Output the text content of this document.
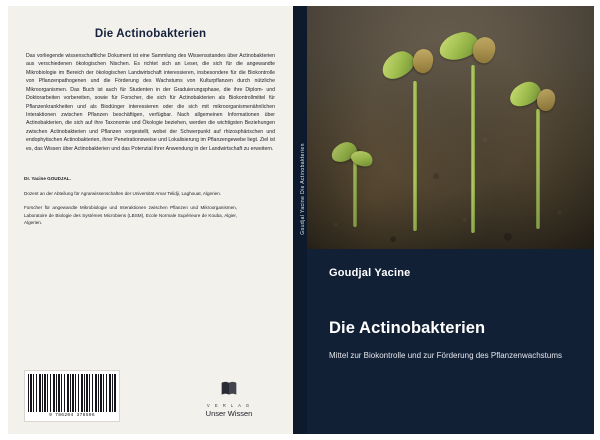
Die Actinobakterien
Das vorliegende wissenschaftliche Dokument ist eine Sammlung des Wissensstandes über Actinobakterien aus verschiedenen ökologischen Nischen. Es richtet sich an Leser, die sich für die angewandte Mikrobiologie im Bereich der ökologischen Landwirtschaft interessieren, insbesondere für die Biokontrolle von Pflanzenpathogenen und die Förderung des Wachstums von Kulturpflanzen durch nützliche Mikroorganismen. Das Buch ist auch für Studenten in der Graduierungsphase, die ihre Diplom- und Doktorarbeiten vorbereiten, sowie für Forscher, die sich für Actinobakterien als Biokontrollmittel für Pflanzenkrankheiten und als Biodünger interessieren oder die sich mit mikroorganismenähnlichen Interaktionen zwischen Pflanzen beschäftigen, verfügbar. Nach allgemeinen Informationen über Actinobakterien, die sich auf ihre Taxonomie und Ökologie beziehen, werden die wichtigsten Beziehungen zwischen Actinobakterien und Pflanzen vorgestellt, wobei der Schwerpunkt auf rhizosphärischen und endophytischen Actinobakterien, ihrer Penetrationsweise und Lokalisierung im Pflanzengewebe liegt. Ziel ist es, das Wissen über Actinobakterien und das Potenzial ihrer Anwendung in der Landwirtschaft zu erweitern.

Dr. Yacine GOUDJAL.

Dozent an der Abteilung für Agrarwissenschaften der Universität Amar Telidji, Laghouat, Algerien.

Forscher für angewandte Mikrobiologie und Interaktionen zwischen Pflanzen und Mikroorganismen, Laboratoire de Biologie des Systèmes Microbiens (LBSM), Ecole Normale Supérieure de Kouba, Algier, Algerien.

9 786204 378596
V E R L A G
Unser Wissen
Goudjal Yacine Die Actinobakterien
Goudjal Yacine
Die Actinobakterien
Mittel zur Biokontrolle und zur Förderung des Pflanzenwachstums
